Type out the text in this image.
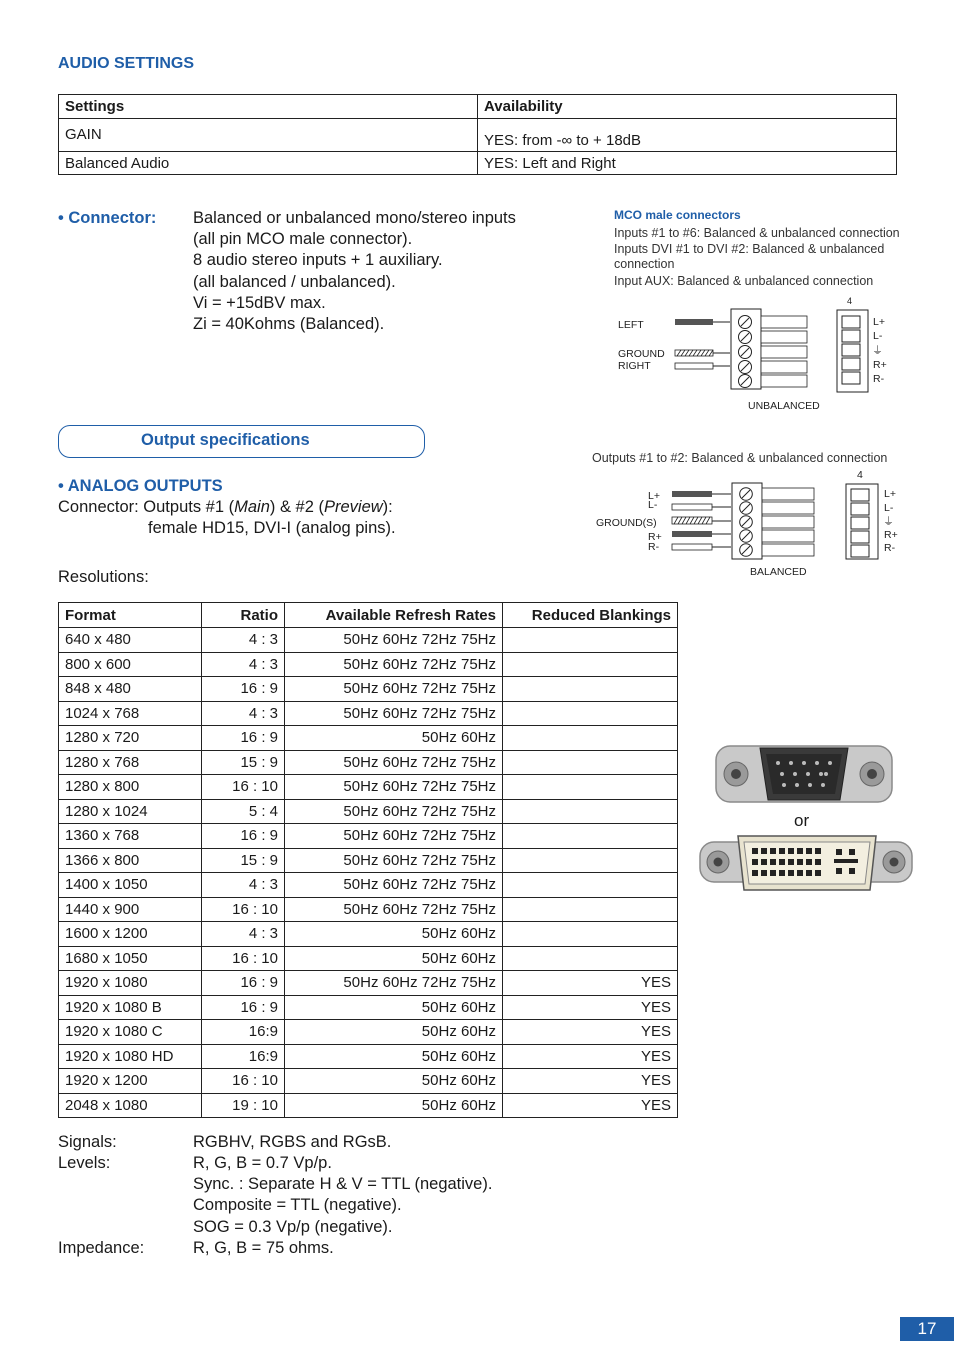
AUDIO SETTINGS
Settings	Availability
GAIN	YES: from -∞ to + 18dB
Balanced Audio	YES: Left and Right
• Connector: Balanced or unbalanced mono/stereo inputs
(all pin MCO male connector).
8 audio stereo inputs + 1 auxiliary.
(all balanced / unbalanced).
Vi = +15dBV max.
Zi = 40Kohms (Balanced).
MCO male connectors
Inputs #1 to #6: Balanced & unbalanced connection
Inputs DVI #1 to DVI #2: Balanced & unbalanced
connection
Input AUX: Balanced & unbalanced connection
LEFT
GROUND
RIGHT
UNBALANCED
4
L+
L-
⏚
R+
R-
Output specifications
Outputs #1 to #2: Balanced & unbalanced connection
L+
L-
GROUND(S)
R+
R-
BALANCED
4
L+
L-
⏚
R+
R-
• ANALOG OUTPUTS
Connector: Outputs #1 (Main) & #2 (Preview):
female HD15, DVI-I (analog pins).
Resolutions:
Format	Ratio	Available Refresh Rates	Reduced Blankings
640 x 480	4 : 3	50Hz 60Hz 72Hz 75Hz	
800 x 600	4 : 3	50Hz 60Hz 72Hz 75Hz	
848 x 480	16 : 9	50Hz 60Hz 72Hz 75Hz	
1024 x 768	4 : 3	50Hz 60Hz 72Hz 75Hz	
1280 x 720	16 : 9	50Hz 60Hz	
1280 x 768	15 : 9	50Hz 60Hz 72Hz 75Hz	
1280 x 800	16 : 10	50Hz 60Hz 72Hz 75Hz	
1280 x 1024	5 : 4	50Hz 60Hz 72Hz 75Hz	
1360 x 768	16 : 9	50Hz 60Hz 72Hz 75Hz	
1366 x 800	15 : 9	50Hz 60Hz 72Hz 75Hz	
1400 x 1050	4 : 3	50Hz 60Hz 72Hz 75Hz	
1440 x 900	16 : 10	50Hz 60Hz 72Hz 75Hz	
1600 x 1200	4 : 3	50Hz 60Hz	
1680 x 1050	16 : 10	50Hz 60Hz	
1920 x 1080	16 : 9	50Hz 60Hz 72Hz 75Hz	YES
1920 x 1080 B	16 : 9	50Hz 60Hz	YES
1920 x 1080 C	16:9	50Hz 60Hz	YES
1920 x 1080 HD	16:9	50Hz 60Hz	YES
1920 x 1200	16 : 10	50Hz 60Hz	YES
2048 x 1080	19 : 10	50Hz 60Hz	YES
or
Signals:	RGBHV, RGBS and RGsB.
Levels:	R, G, B = 0.7 Vp/p.
Sync. : Separate H & V = TTL (negative).
Composite = TTL (negative).
SOG = 0.3 Vp/p (negative).
Impedance:	R, G, B = 75 ohms.
17
